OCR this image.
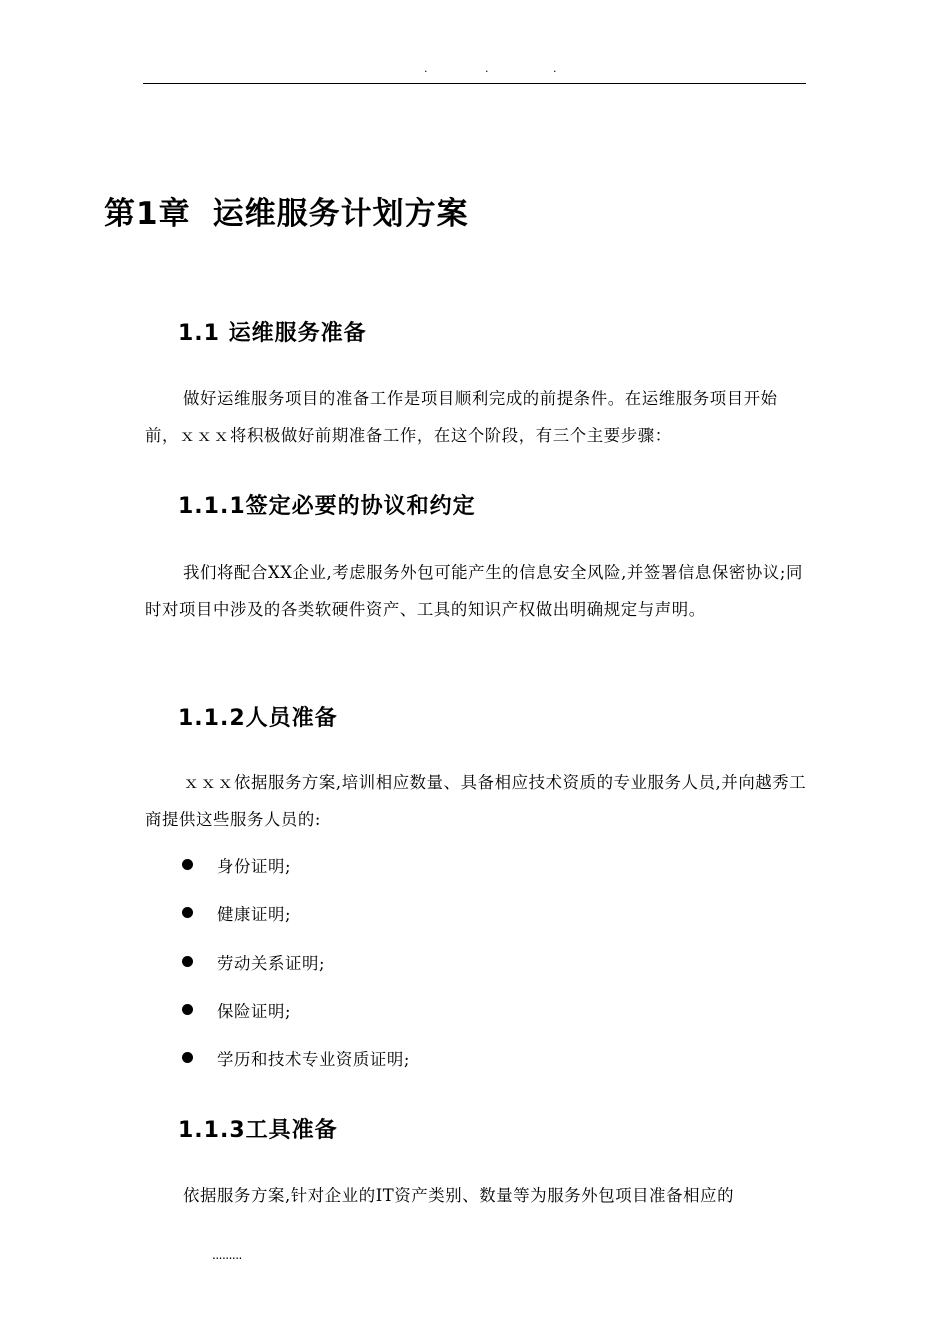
.	.	.
第1章 运维服务计划方案
1.1 运维服务准备

做好运维服务项目的准备工作是项目顺利完成的前提条件。在运维服务项目开始前，ｘｘｘ将积极做好前期准备工作，在这个阶段，有三个主要步骤：

1.1.1签定必要的协议和约定

我们将配合XX企业,考虑服务外包可能产生的信息安全风险,并签署信息保密协议;同时对项目中涉及的各类软硬件资产、工具的知识产权做出明确规定与声明。

1.1.2人员准备

ｘｘｘ依据服务方案,培训相应数量、具备相应技术资质的专业服务人员,并向越秀工商提供这些服务人员的:

身份证明;
健康证明;
劳动关系证明;
保险证明;
学历和技术专业资质证明;
1.1.3工具准备

依据服务方案,针对企业的IT资产类别、数量等为服务外包项目准备相应的

.........
